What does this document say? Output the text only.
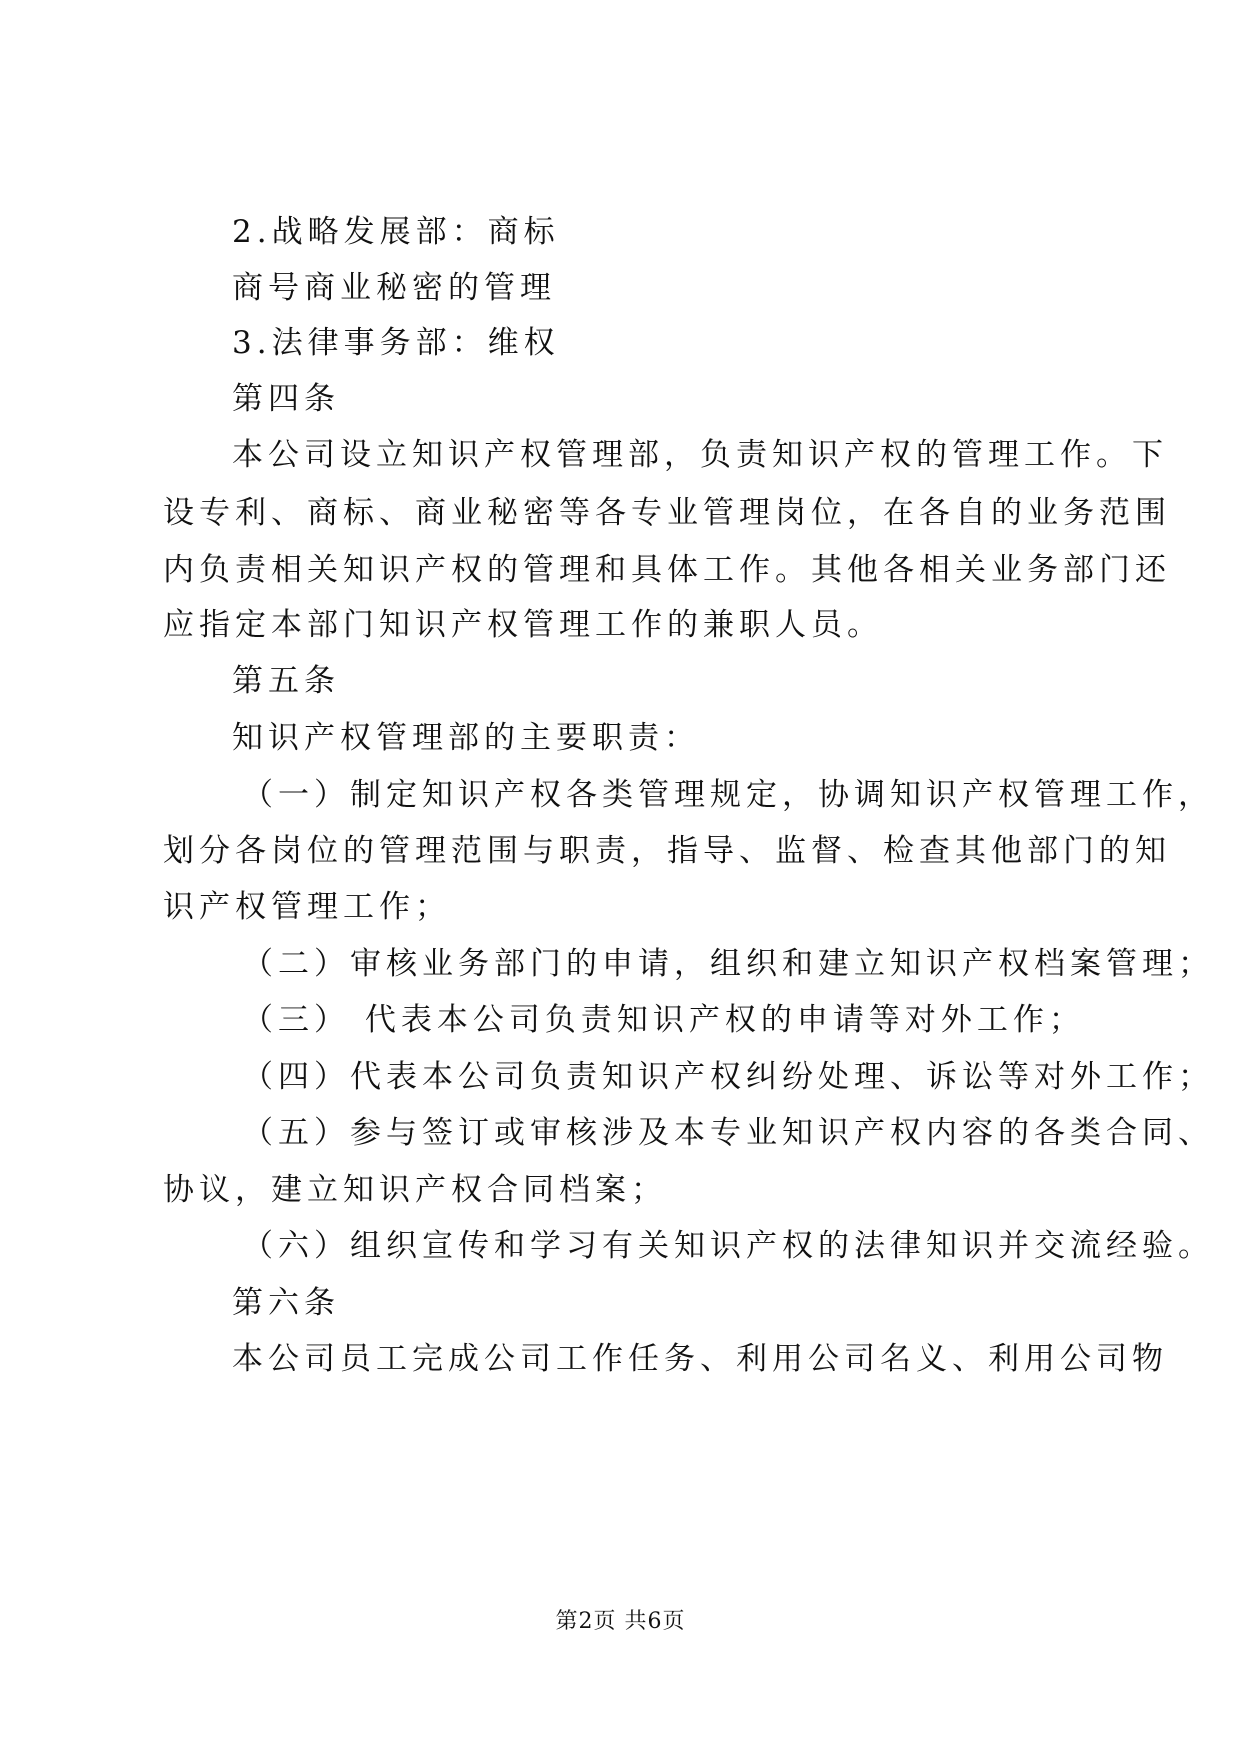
2.战略发展部：商标
商号商业秘密的管理
3.法律事务部：维权
第四条
本公司设立知识产权管理部，负责知识产权的管理工作。下
设专利、商标、商业秘密等各专业管理岗位，在各自的业务范围
内负责相关知识产权的管理和具体工作。其他各相关业务部门还
应指定本部门知识产权管理工作的兼职人员。
第五条
知识产权管理部的主要职责：
（一）制定知识产权各类管理规定，协调知识产权管理工作，
划分各岗位的管理范围与职责，指导、监督、检查其他部门的知
识产权管理工作；
（二）审核业务部门的申请，组织和建立知识产权档案管理；
（三） 代表本公司负责知识产权的申请等对外工作；
（四）代表本公司负责知识产权纠纷处理、诉讼等对外工作；
（五）参与签订或审核涉及本专业知识产权内容的各类合同、
协议，建立知识产权合同档案；
（六）组织宣传和学习有关知识产权的法律知识并交流经验。
第六条
本公司员工完成公司工作任务、利用公司名义、利用公司物
第2页 共6页
